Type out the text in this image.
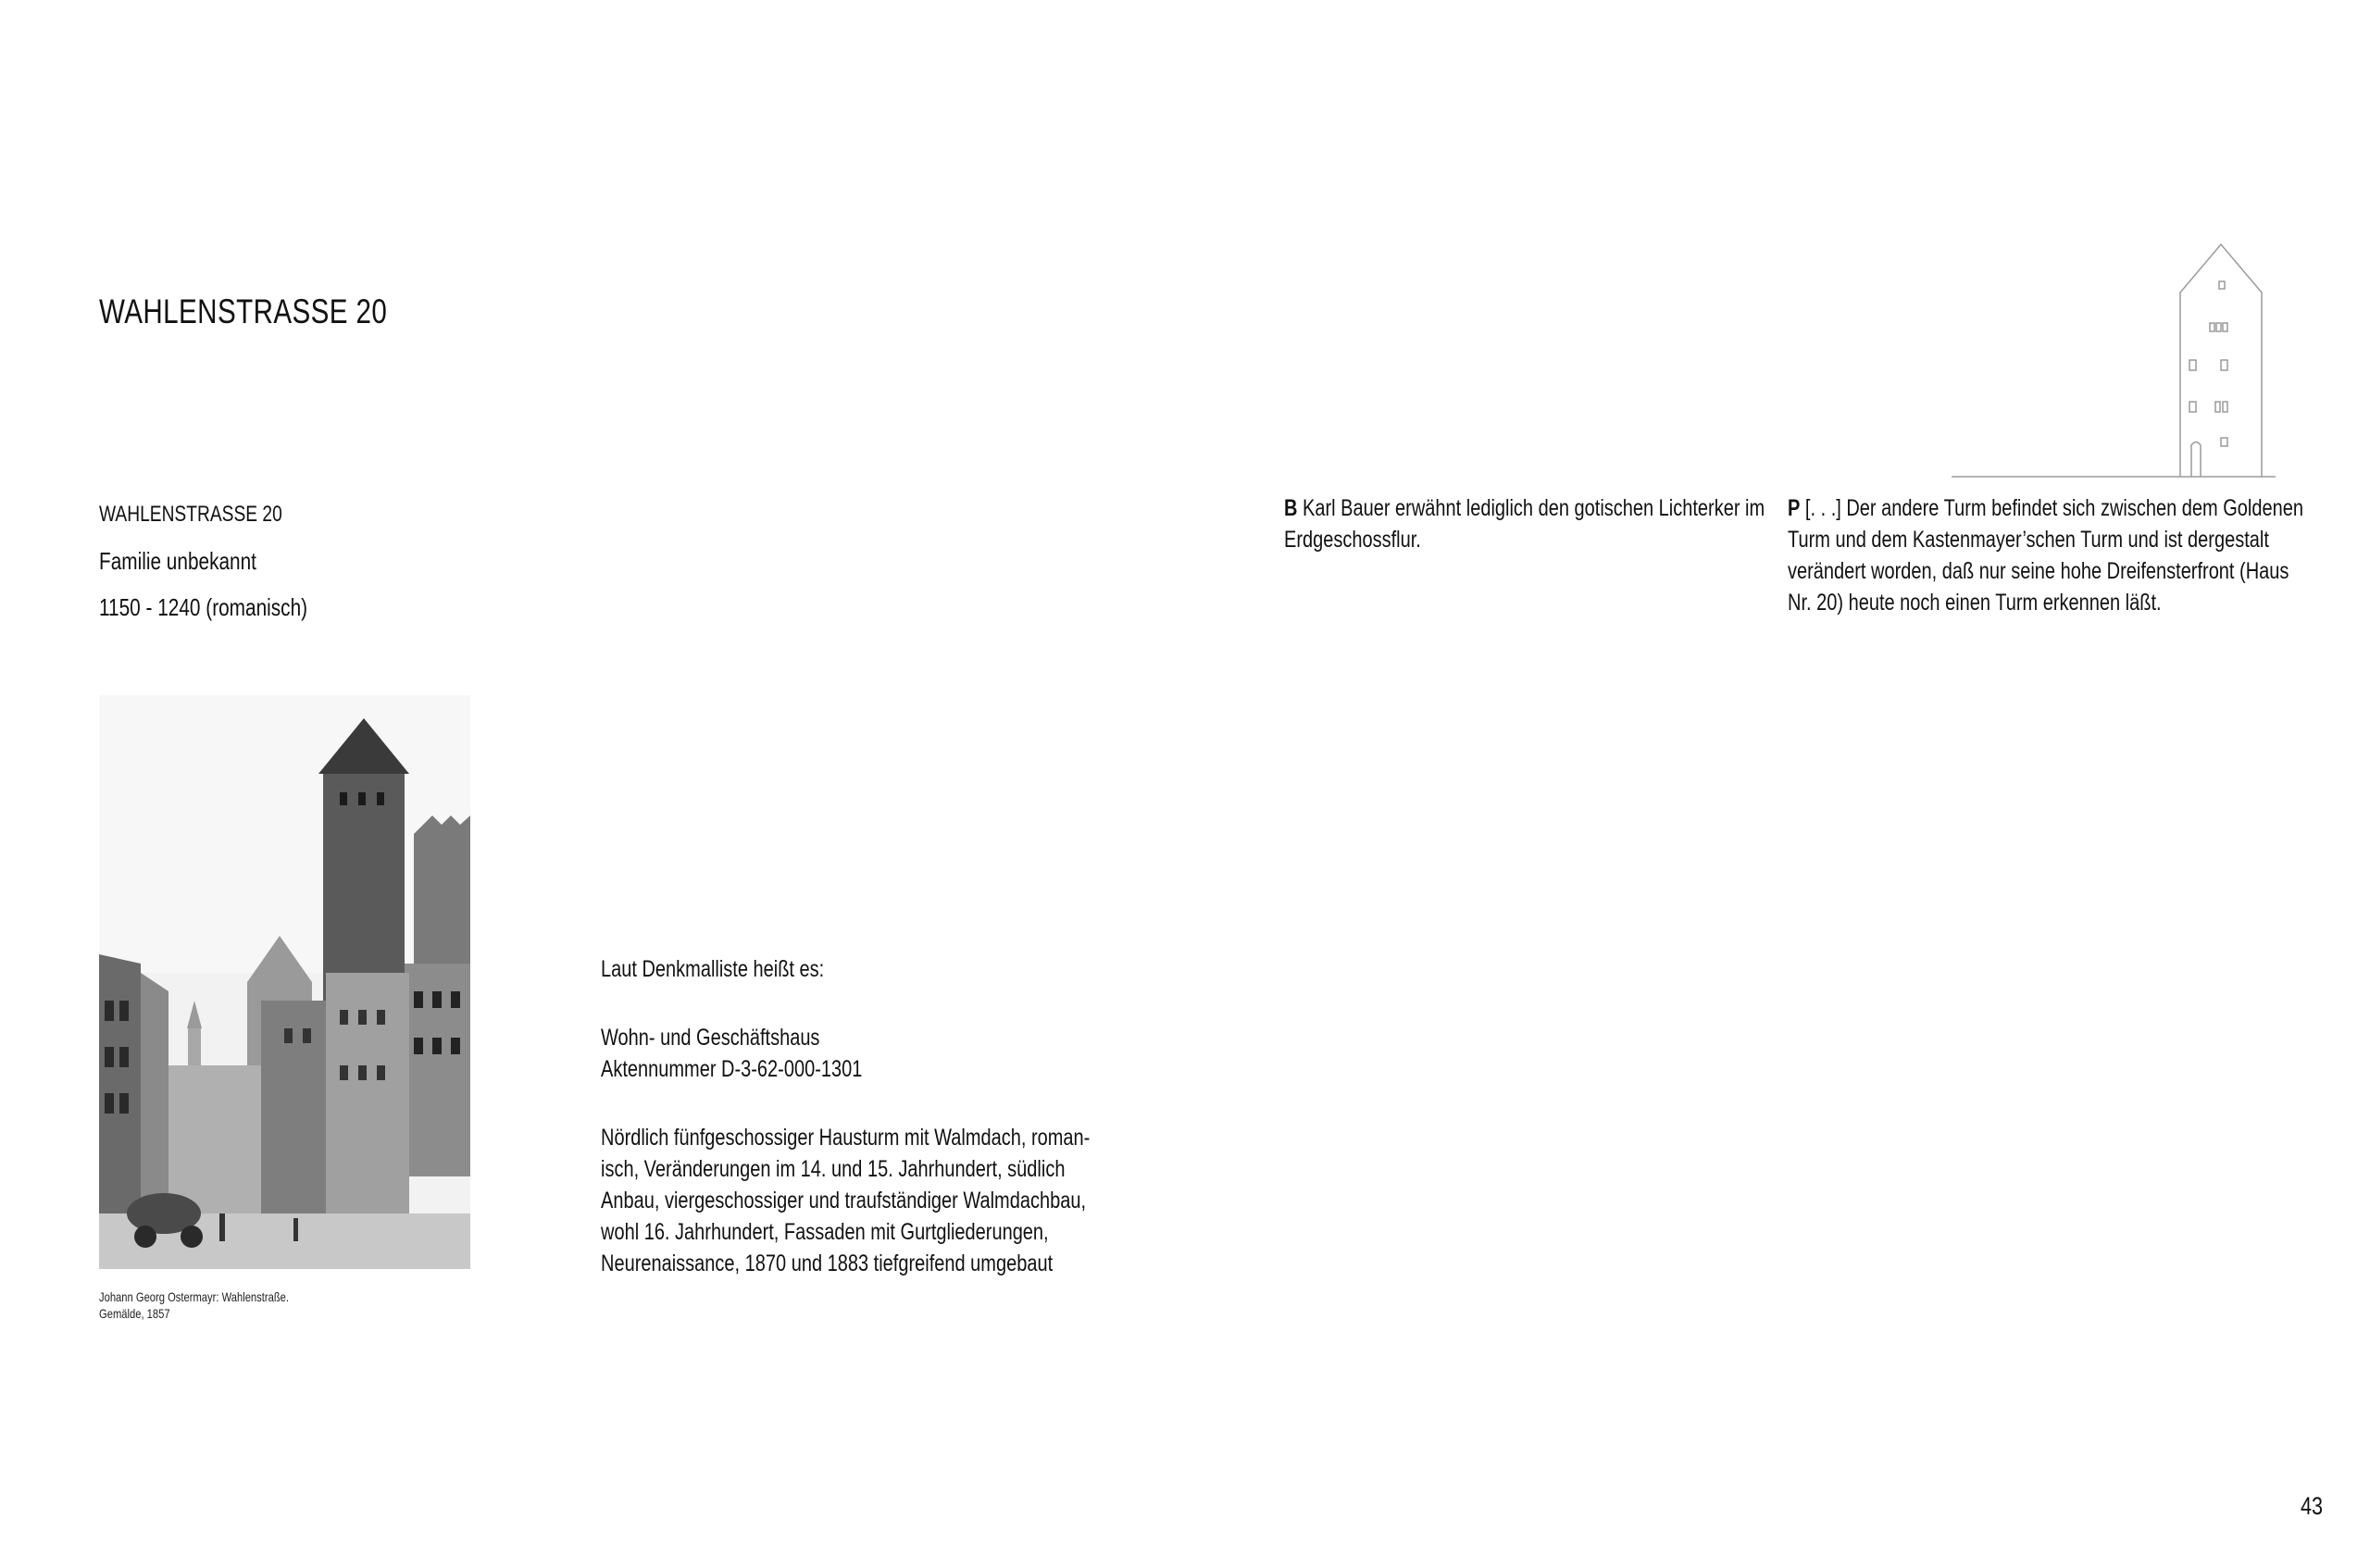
WAHLENSTRASSE 20
WAHLENSTRASSE 20
Familie unbekannt
1150 - 1240 (romanisch)
Johann Georg Ostermayr: Wahlenstraße.
Gemälde, 1857

Laut Denkmalliste heißt es:

Wohn- und Geschäftshaus

Aktennummer D-3-62-000-1301

Nördlich fünfgeschossiger Hausturm mit Walmdach, roman-

isch, Veränderungen im 14. und 15. Jahrhundert, südlich

Anbau, viergeschossiger und traufständiger Walmdachbau,

wohl 16. Jahrhundert, Fassaden mit Gurtgliederungen,

Neurenaissance, 1870 und 1883 tiefgreifend umgebaut

B Karl Bauer erwähnt lediglich den gotischen Lichterker im
Erdgeschossflur.
P [. . .] Der andere Turm befindet sich zwischen dem Goldenen
Turm und dem Kastenmayer’schen Turm und ist dergestalt
verändert worden, daß nur seine hohe Dreifensterfront (Haus
Nr. 20) heute noch einen Turm erkennen läßt.
43
